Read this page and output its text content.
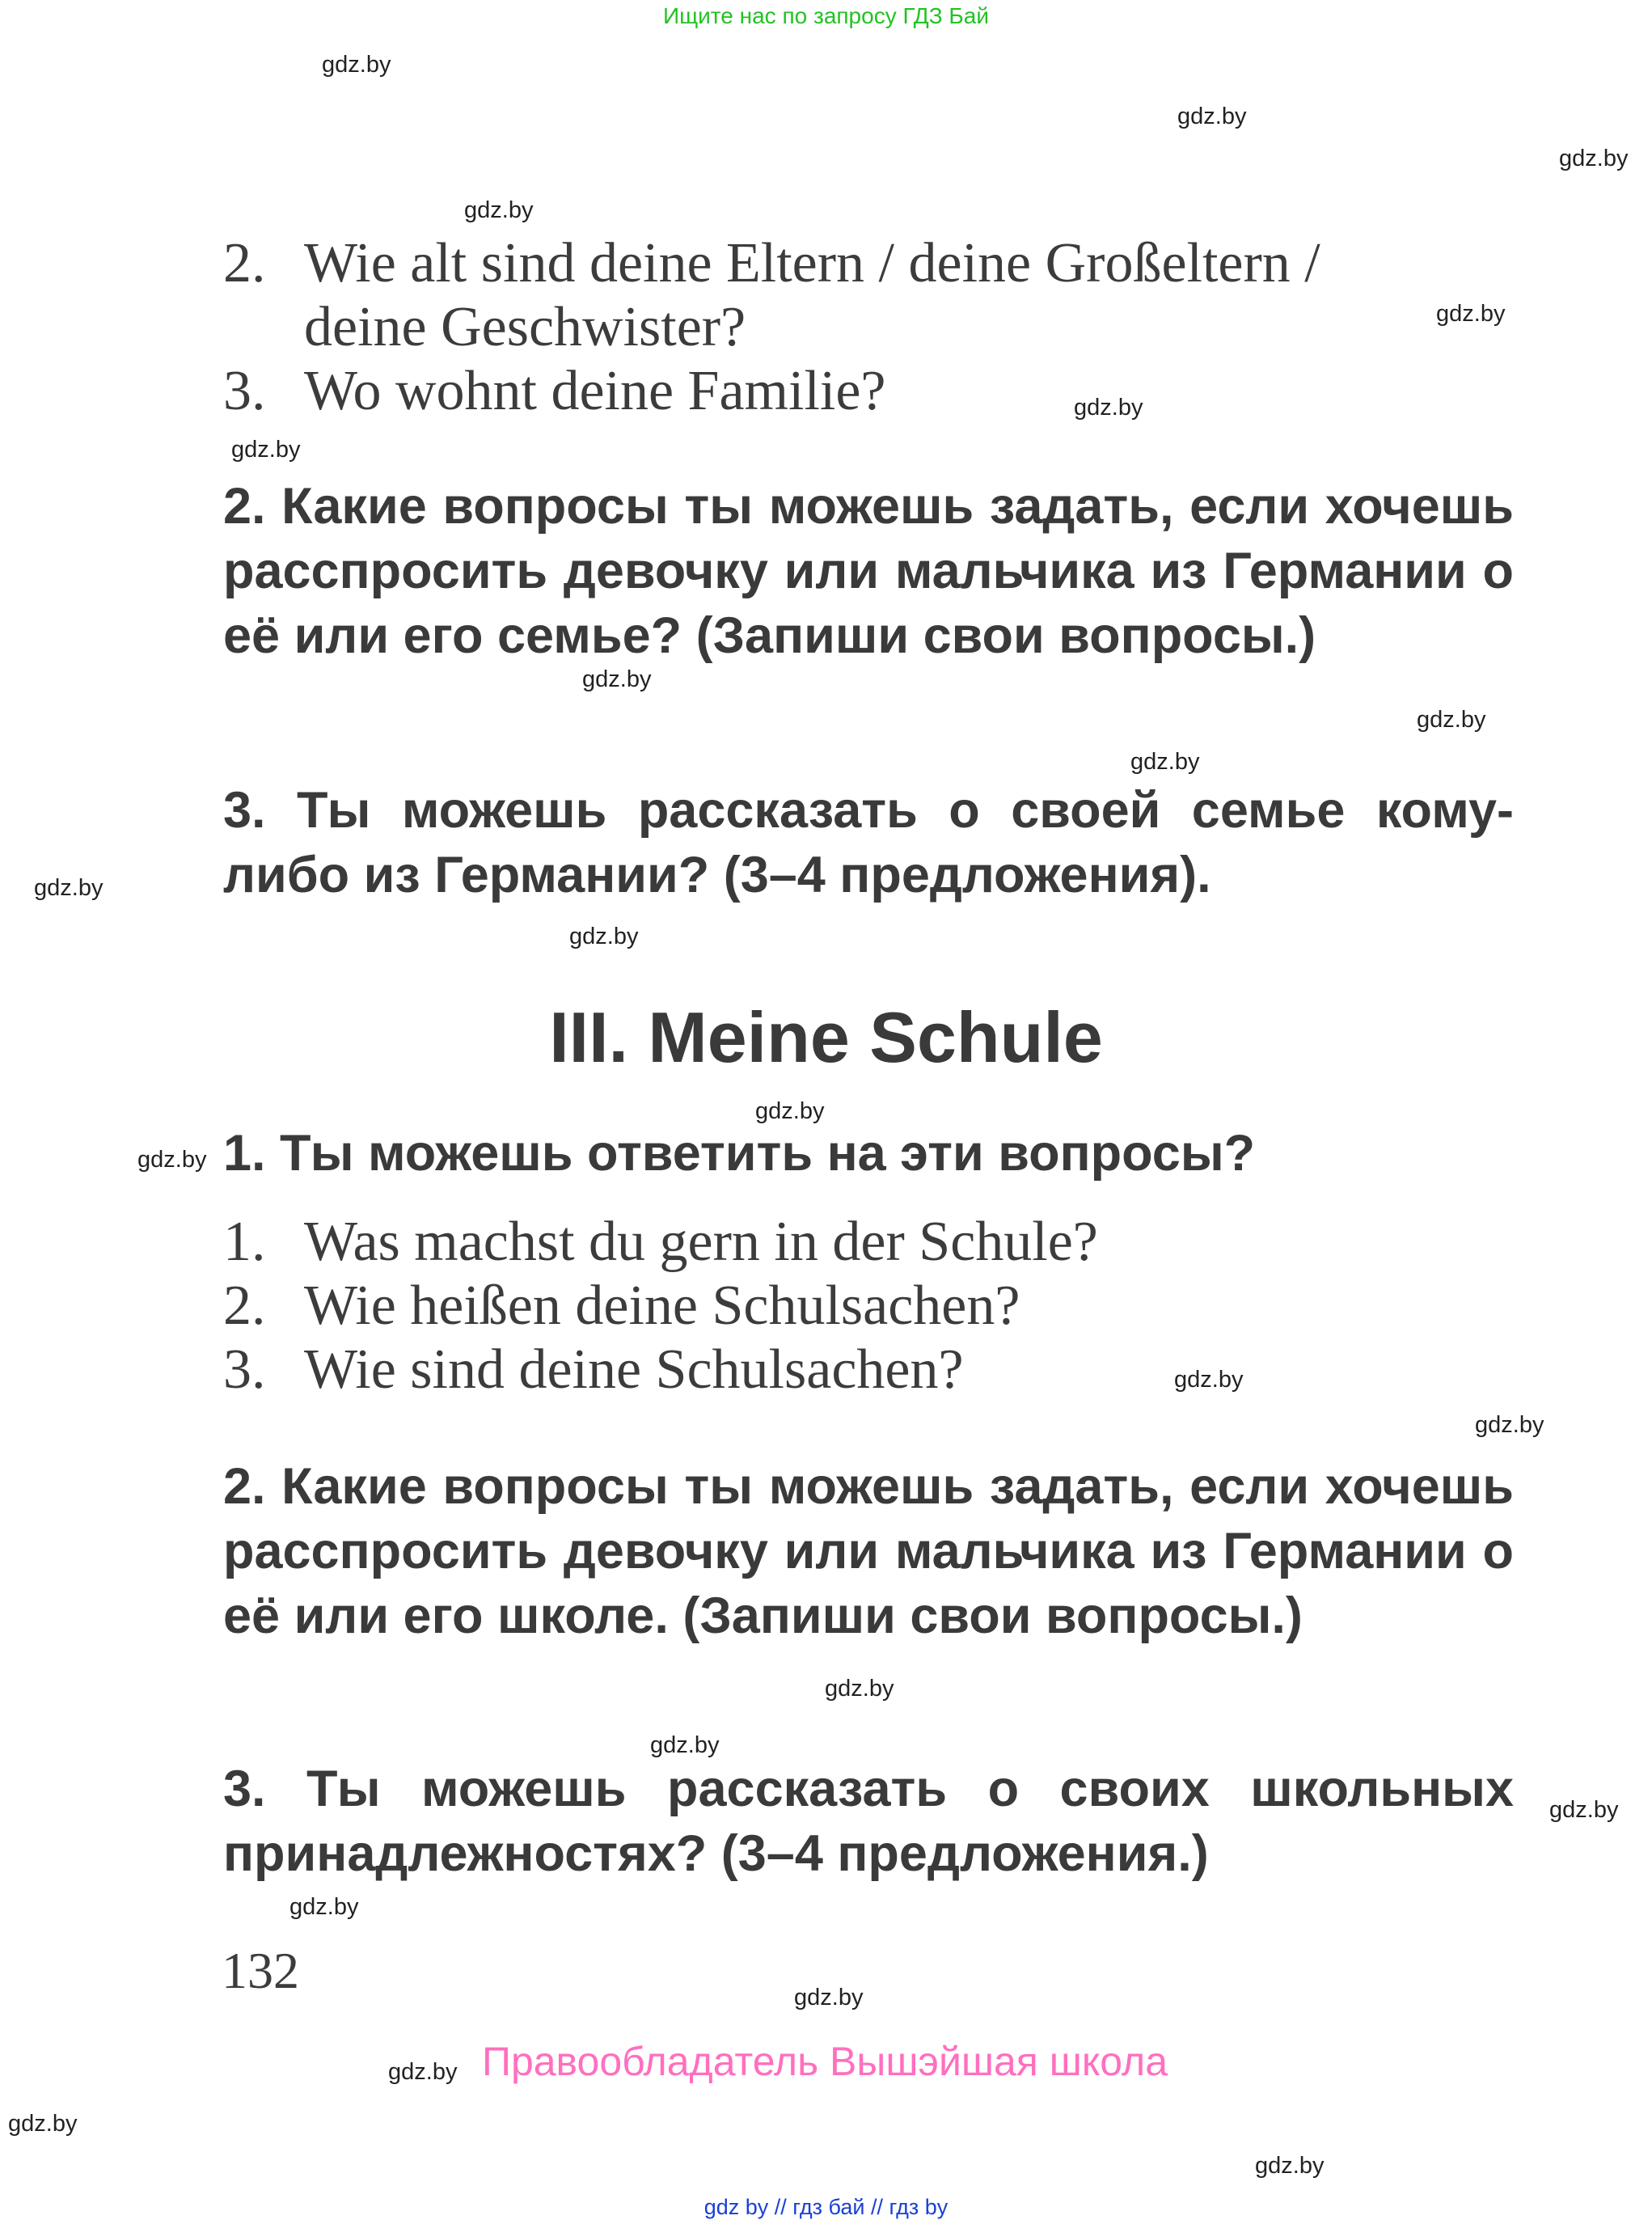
Ищите нас по запросу ГДЗ Бай
2. Wie alt sind deine Eltern / deine Großeltern /
deine Geschwister?
3. Wo wohnt deine Familie?
2. Какие вопросы ты можешь задать, если хочешь расспросить девочку или мальчика из Германии о её или его семье? (Запиши свои вопросы.)
3. Ты можешь рассказать о своей семье кому-
либо из Германии? (3–4 предложения).
III. Meine Schule
1. Ты можешь ответить на эти вопросы?
1. Was machst du gern in der Schule?
2. Wie heißen deine Schulsachen?
3. Wie sind deine Schulsachen?
2. Какие вопросы ты можешь задать, если хочешь расспросить девочку или мальчика из Германии о её или его школе. (Запиши свои вопросы.)
3. Ты можешь рассказать о своих школьных принадлежностях? (3–4 предложения.)
132
Правообладатель Вышэйшая школа
gdz by // гдз бай // гдз by
gdz.by
gdz.by
gdz.by
gdz.by
gdz.by
gdz.by
gdz.by
gdz.by
gdz.by
gdz.by
gdz.by
gdz.by
gdz.by
gdz.by
gdz.by
gdz.by
gdz.by
gdz.by
gdz.by
gdz.by
gdz.by
gdz.by
gdz.by
gdz.by
